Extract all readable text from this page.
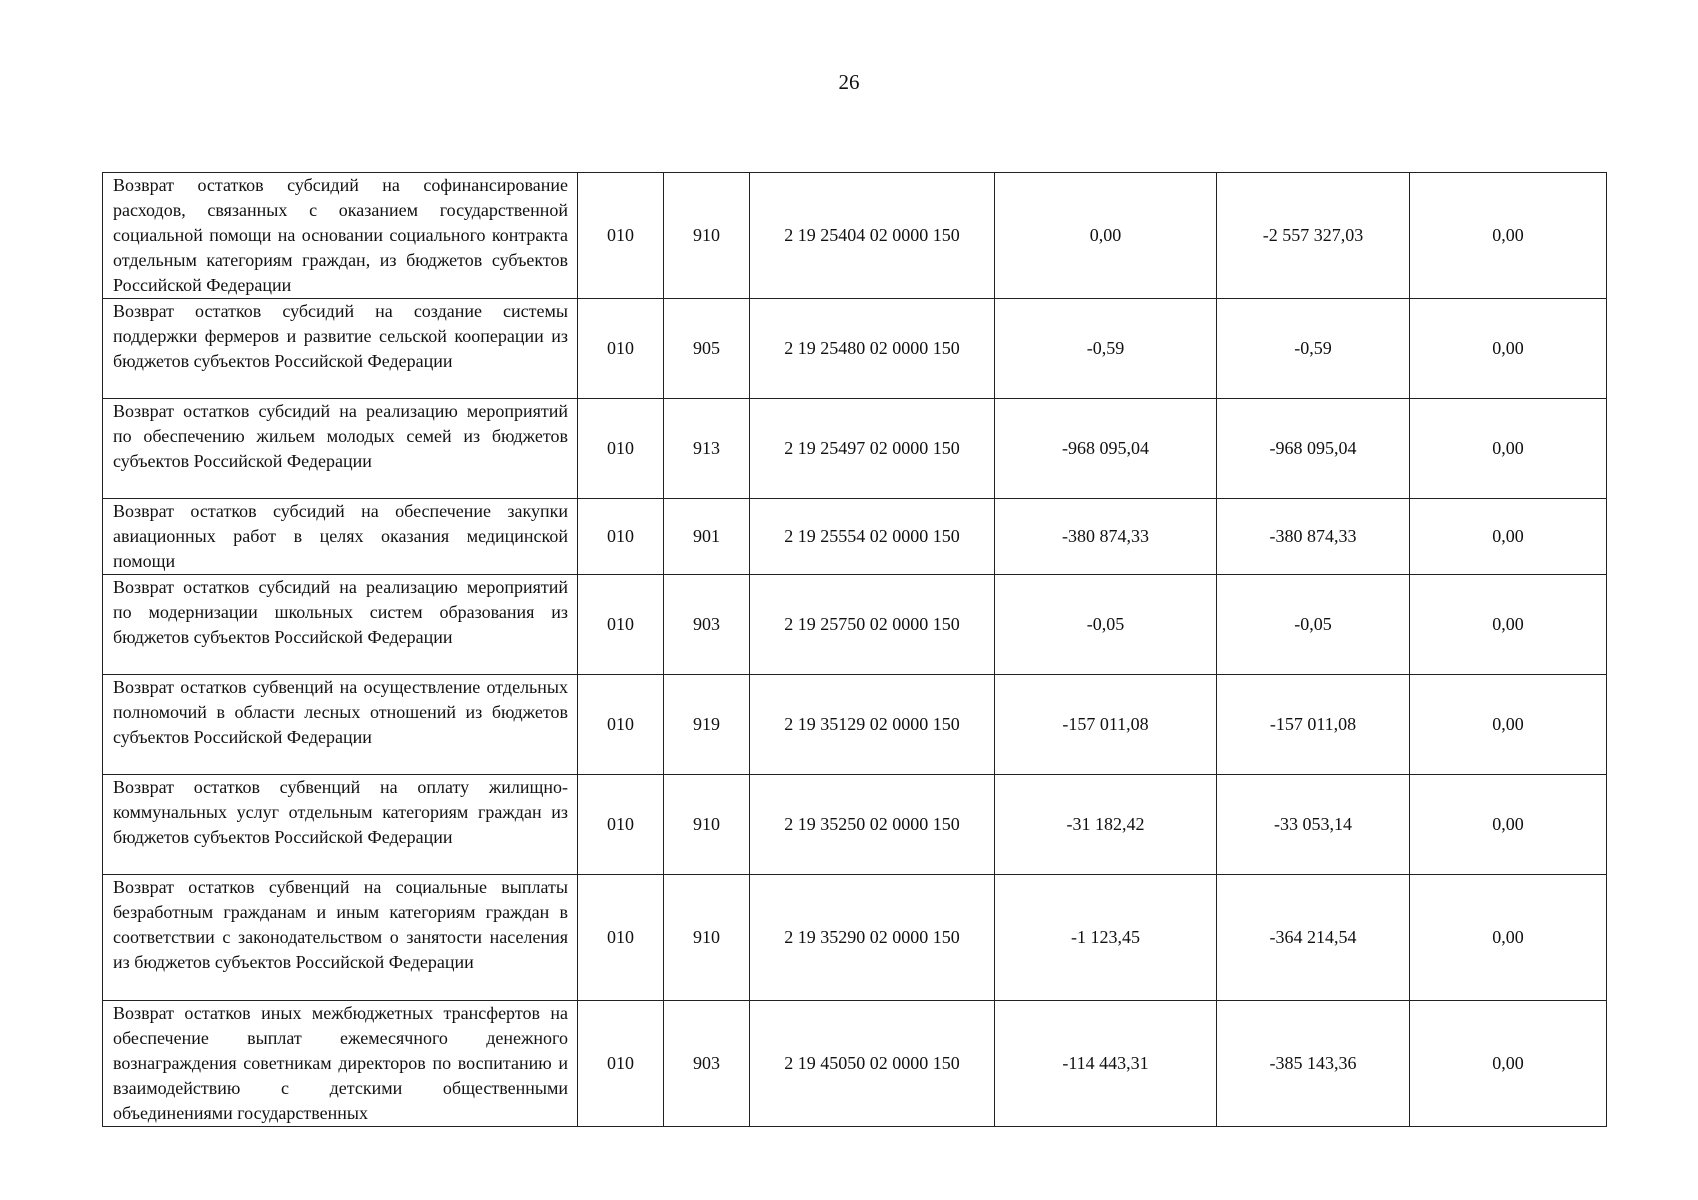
26
Возврат остатков субсидий на софинансирование расходов, связанных с оказанием государственной социальной помощи на основании социального контракта отдельным категориям граждан, из бюджетов субъектов Российской Федерации	010	910	2 19 25404 02 0000 150	0,00	-2 557 327,03	0,00
Возврат остатков субсидий на создание системы поддержки фермеров и развитие сельской кооперации из бюджетов субъектов Российской Федерации	010	905	2 19 25480 02 0000 150	-0,59	-0,59	0,00
Возврат остатков субсидий на реализацию мероприятий по обеспечению жильем молодых семей из бюджетов субъектов Российской Федерации	010	913	2 19 25497 02 0000 150	-968 095,04	-968 095,04	0,00
Возврат остатков субсидий на обеспечение закупки авиационных работ в целях оказания медицинской помощи	010	901	2 19 25554 02 0000 150	-380 874,33	-380 874,33	0,00
Возврат остатков субсидий на реализацию мероприятий по модернизации школьных систем образования из бюджетов субъектов Российской Федерации	010	903	2 19 25750 02 0000 150	-0,05	-0,05	0,00
Возврат остатков субвенций на осуществление отдельных полномочий в области лесных отношений из бюджетов субъектов Российской Федерации	010	919	2 19 35129 02 0000 150	-157 011,08	-157 011,08	0,00
Возврат остатков субвенций на оплату жилищно-коммунальных услуг отдельным категориям граждан из бюджетов субъектов Российской Федерации	010	910	2 19 35250 02 0000 150	-31 182,42	-33 053,14	0,00
Возврат остатков субвенций на социальные выплаты безработным гражданам и иным категориям граждан в соответствии с законодательством о занятости населения из бюджетов субъектов Российской Федерации	010	910	2 19 35290 02 0000 150	-1 123,45	-364 214,54	0,00

Возврат остатков иных межбюджетных трансфертов на обеспечение выплат ежемесячного денежного вознаграждения советникам директоров по воспитанию и взаимодействию с детскими общественными объединениями государственных	010	903	2 19 45050 02 0000 150	-114 443,31	-385 143,36	0,00
